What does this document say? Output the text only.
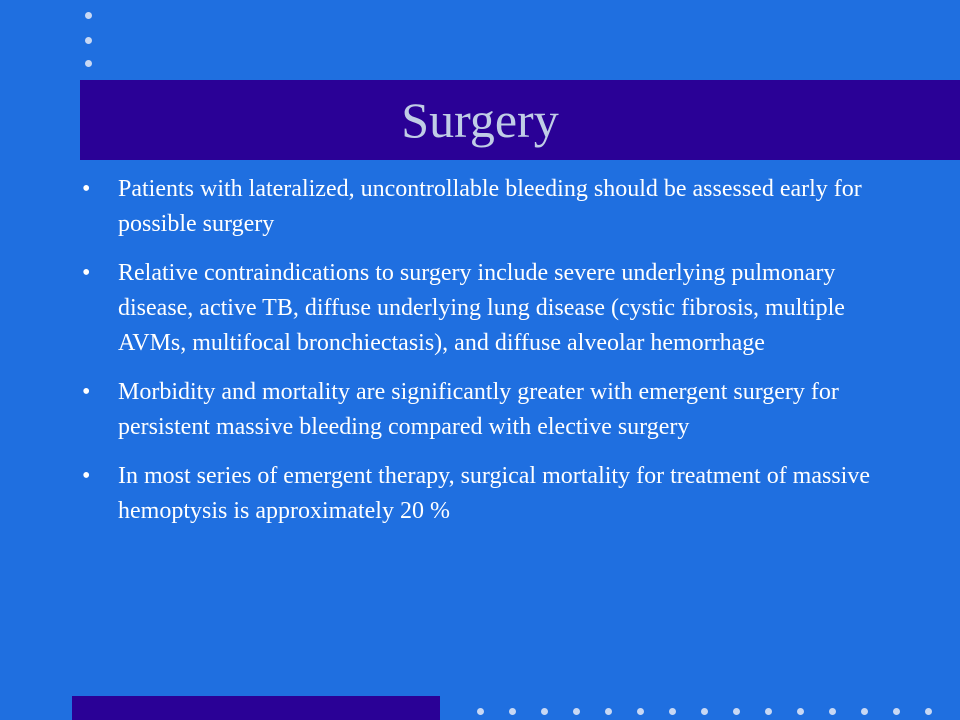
Surgery
•	Patients with lateralized, uncontrollable bleeding should be assessed early for possible surgery
•	Relative contraindications to surgery include severe underlying pulmonary disease, active TB, diffuse underlying lung disease (cystic fibrosis, multiple AVMs, multifocal bronchiectasis), and diffuse alveolar hemorrhage
•	Morbidity and mortality are significantly greater with emergent surgery for persistent massive bleeding compared with elective surgery
•	In most series of emergent therapy, surgical mortality for treatment of massive hemoptysis is approximately 20 %
